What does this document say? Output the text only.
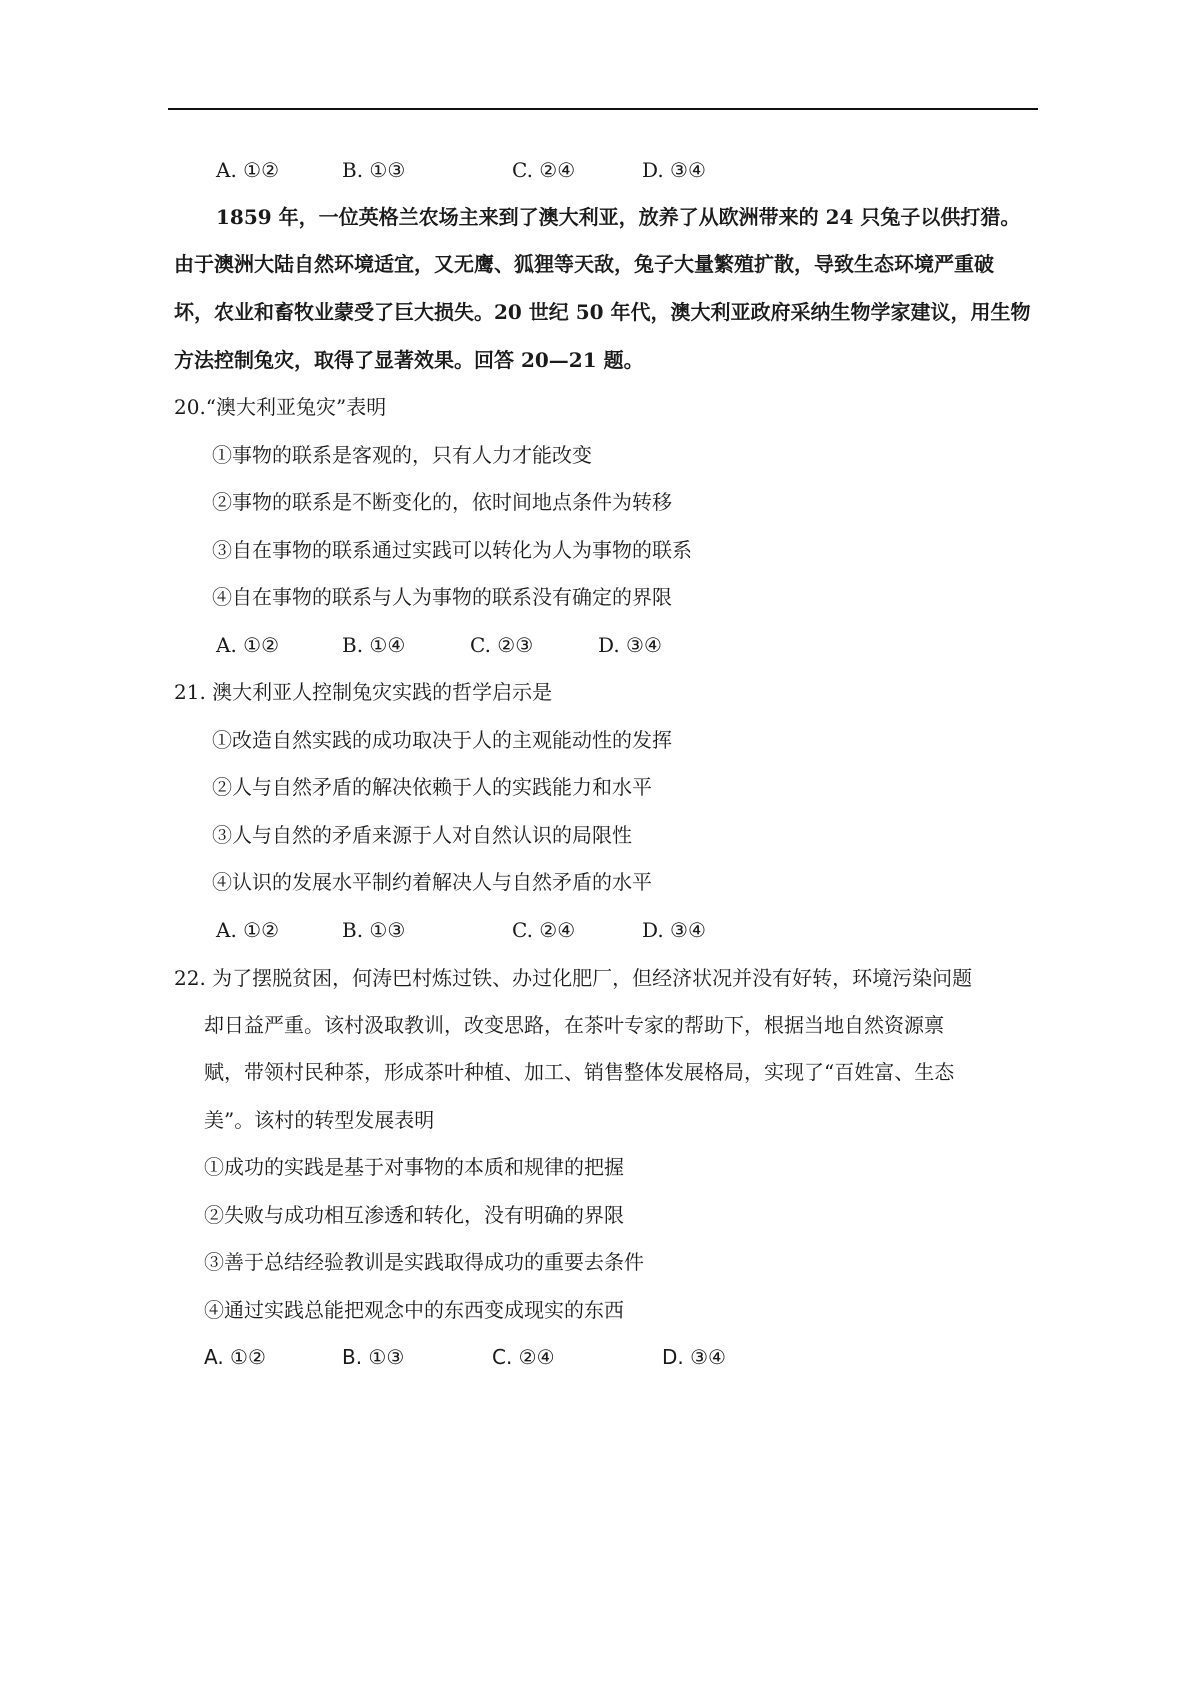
A. ①②	B. ①③	C. ②④	D. ③④
1859 年，一位英格兰农场主来到了澳大利亚，放养了从欧洲带来的 24 只兔子以供打猎。
由于澳洲大陆自然环境适宜，又无鹰、狐狸等天敌，兔子大量繁殖扩散，导致生态环境严重破
坏，农业和畜牧业蒙受了巨大损失。20 世纪 50 年代，澳大利亚政府采纳生物学家建议，用生物
方法控制兔灾，取得了显著效果。回答 20—21 题。
20.“澳大利亚兔灾”表明
①事物的联系是客观的，只有人力才能改变
②事物的联系是不断变化的，依时间地点条件为转移
③自在事物的联系通过实践可以转化为人为事物的联系
④自在事物的联系与人为事物的联系没有确定的界限
A. ①②	B. ①④	C. ②③	D. ③④
21. 澳大利亚人控制兔灾实践的哲学启示是
①改造自然实践的成功取决于人的主观能动性的发挥
②人与自然矛盾的解决依赖于人的实践能力和水平
③人与自然的矛盾来源于人对自然认识的局限性
④认识的发展水平制约着解决人与自然矛盾的水平
A. ①②	B. ①③	C. ②④	D. ③④
22. 为了摆脱贫困，何涛巴村炼过铁、办过化肥厂，但经济状况并没有好转，环境污染问题
却日益严重。该村汲取教训，改变思路，在茶叶专家的帮助下，根据当地自然资源禀
赋，带领村民种茶，形成茶叶种植、加工、销售整体发展格局，实现了“百姓富、生态
美”。该村的转型发展表明
①成功的实践是基于对事物的本质和规律的把握
②失败与成功相互渗透和转化，没有明确的界限
③善于总结经验教训是实践取得成功的重要去条件
④通过实践总能把观念中的东西变成现实的东西
A. ①②	B. ①③	C. ②④	D. ③④
